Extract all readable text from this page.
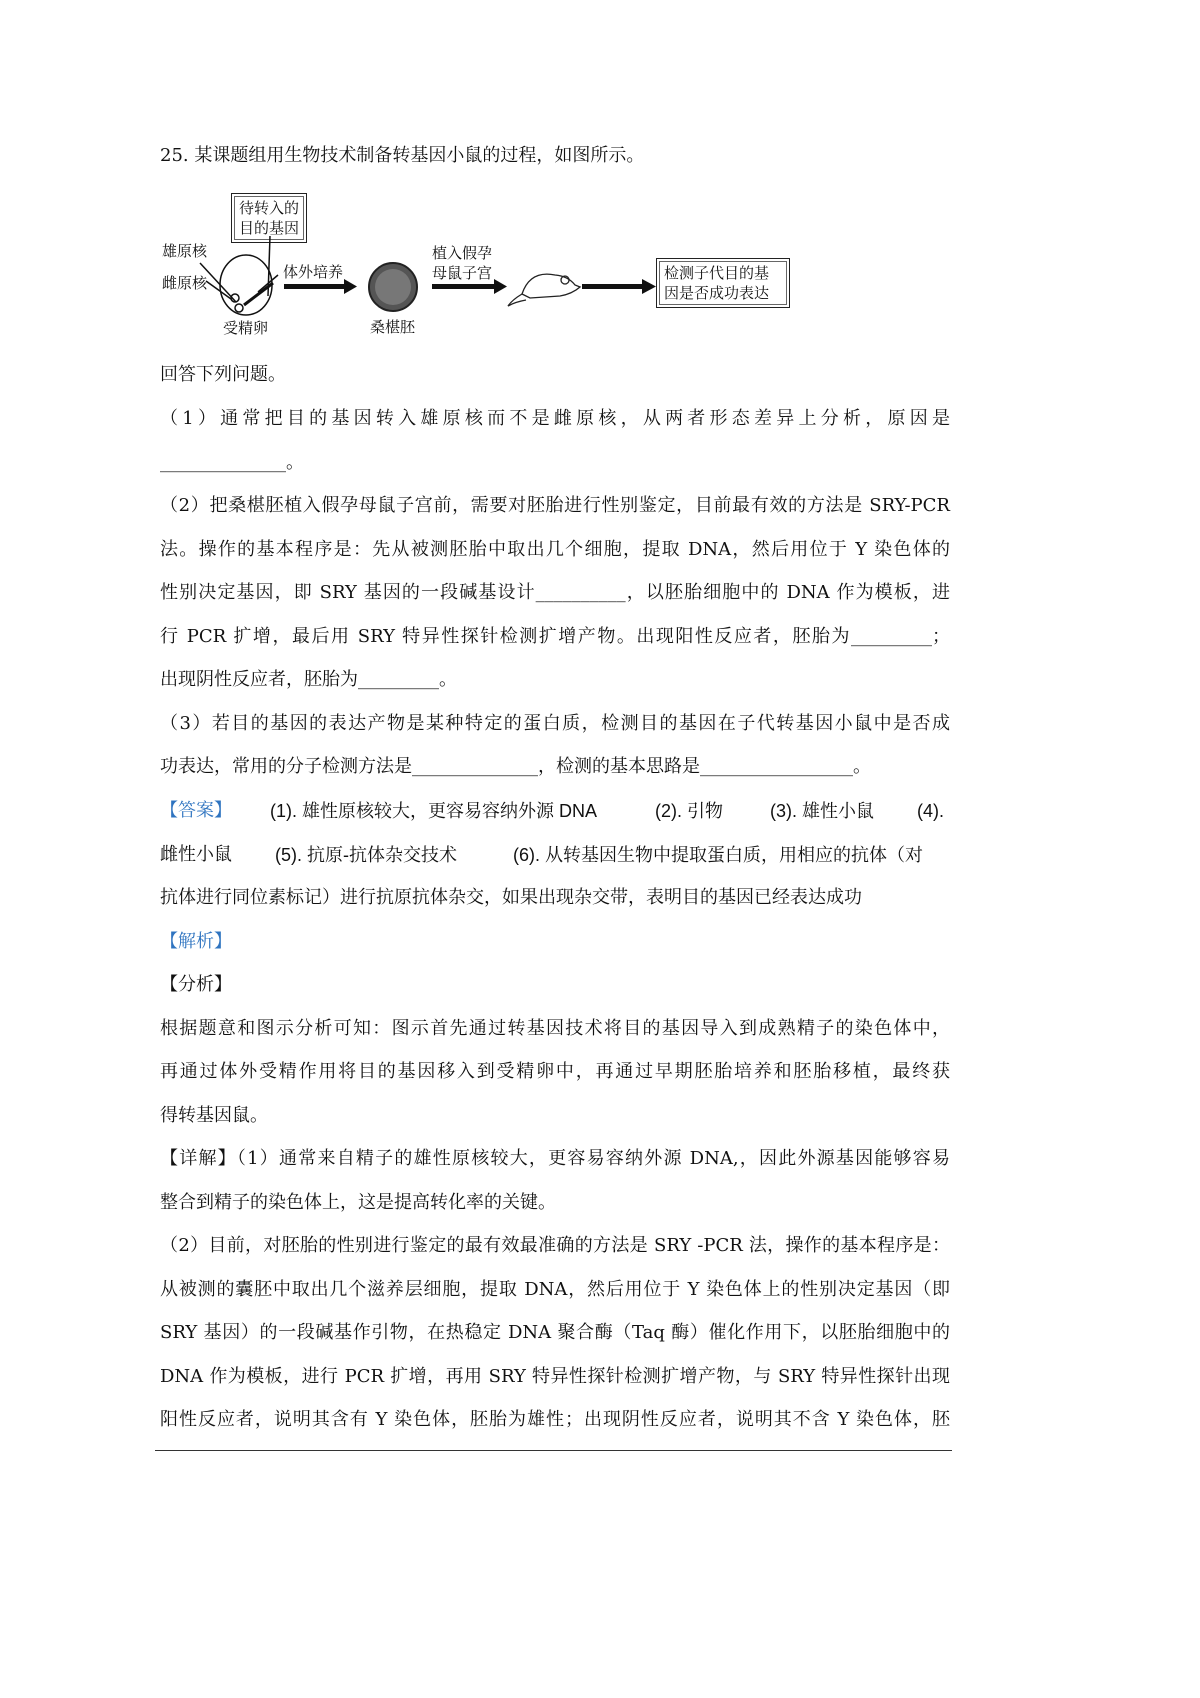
25. 某课题组用生物技术制备转基因小鼠的过程，如图所示。
待转入的
目的基因
雄原核
雌原核
受精卵
体外培养
桑椹胚
植入假孕
母鼠子宫	检测子代目的基
因是否成功表达
回答下列问题。
（1）通常把目的基因转入雄原核而不是雌原核，从两者形态差异上分析，原因是
______________。
（2）把桑椹胚植入假孕母鼠子宫前，需要对胚胎进行性别鉴定，目前最有效的方法是 SRY-PCR
法。操作的基本程序是：先从被测胚胎中取出几个细胞，提取 DNA，然后用位于 Y 染色体的
性别决定基因，即 SRY 基因的一段碱基设计__________，以胚胎细胞中的 DNA 作为模板，进
行 PCR 扩增，最后用 SRY 特异性探针检测扩增产物。出现阳性反应者，胚胎为_________；
出现阴性反应者，胚胎为_________。
（3）若目的基因的表达产物是某种特定的蛋白质，检测目的基因在子代转基因小鼠中是否成
功表达，常用的分子检测方法是______________，检测的基本思路是_________________。
【答案】 (1). 雄性原核较大，更容易容纳外源 DNA	(2). 引物	(3). 雄性小鼠 (4).
雌性小鼠 (5). 抗原-抗体杂交技术	(6). 从转基因生物中提取蛋白质，用相应的抗体（对
抗体进行同位素标记）进行抗原抗体杂交，如果出现杂交带，表明目的基因已经表达成功
【解析】
【分析】
根据题意和图示分析可知：图示首先通过转基因技术将目的基因导入到成熟精子的染色体中，
再通过体外受精作用将目的基因移入到受精卵中，再通过早期胚胎培养和胚胎移植，最终获
得转基因鼠。
【详解】（1）通常来自精子的雄性原核较大，更容易容纳外源 DNA,，因此外源基因能够容易
整合到精子的染色体上，这是提高转化率的关键。
（2）目前，对胚胎的性别进行鉴定的最有效最准确的方法是 SRY -PCR 法，操作的基本程序是：
从被测的囊胚中取出几个滋养层细胞，提取 DNA，然后用位于 Y 染色体上的性别决定基因（即
SRY 基因）的一段碱基作引物，在热稳定 DNA 聚合酶（Taq 酶）催化作用下，以胚胎细胞中的
DNA 作为模板，进行 PCR 扩增，再用 SRY 特异性探针检测扩增产物，与 SRY 特异性探针出现
阳性反应者，说明其含有 Y 染色体，胚胎为雄性；出现阴性反应者，说明其不含 Y 染色体，胚
